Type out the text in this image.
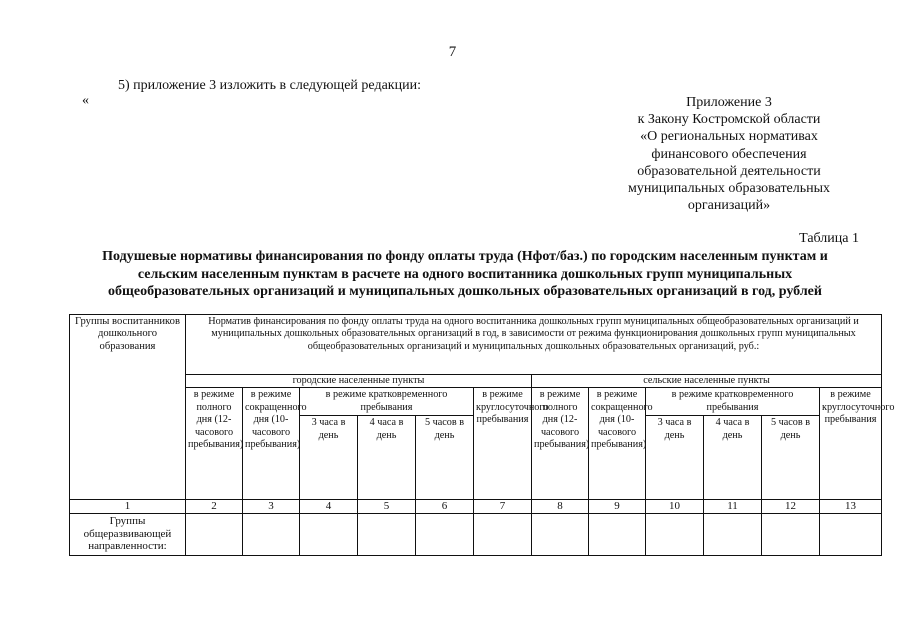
7
5) приложение 3 изложить в следующей редакции:
«	Приложение 3
к Закону Костромской области
«О региональных нормативах
финансового обеспечения
образовательной деятельности
муниципальных образовательных
организаций»
Таблица 1
Подушевые нормативы финансирования по фонду оплаты труда (Нфот/баз.) по городским населенным пунктам и
сельским населенным пунктам в расчете на одного воспитанника дошкольных групп муниципальных
общеобразовательных организаций и муниципальных дошкольных образовательных организаций в год, рублей
Группы воспитанников дошкольного образования	Норматив финансирования по фонду оплаты труда на одного воспитанника дошкольных групп муниципальных общеобразовательных организаций и муниципальных дошкольных образовательных организаций в год, в зависимости от режима функционирования дошкольных групп муниципальных общеобразовательных организаций и муниципальных дошкольных образовательных организаций, руб.:											
	городские населенные пункты						сельские населенные пункты					
	в режиме полного дня (12-часового пребывания)	в режиме сокращенного дня (10-часового пребывания)	в режиме кратковременного пребывания			в режиме круглосуточного пребывания	в режиме полного дня (12-часового пребывания)	в режиме сокращенного дня (10-часового пребывания)	в режиме кратковременного пребывания			в режиме круглосуточного пребывания
			3 часа в день	4 часа в день	5 часов в день				3 часа в день	4 часа в день	5 часов в день	
1	2	3	4	5	6	7	8	9	10	11	12	13
Группы общеразвивающей направленности:												
